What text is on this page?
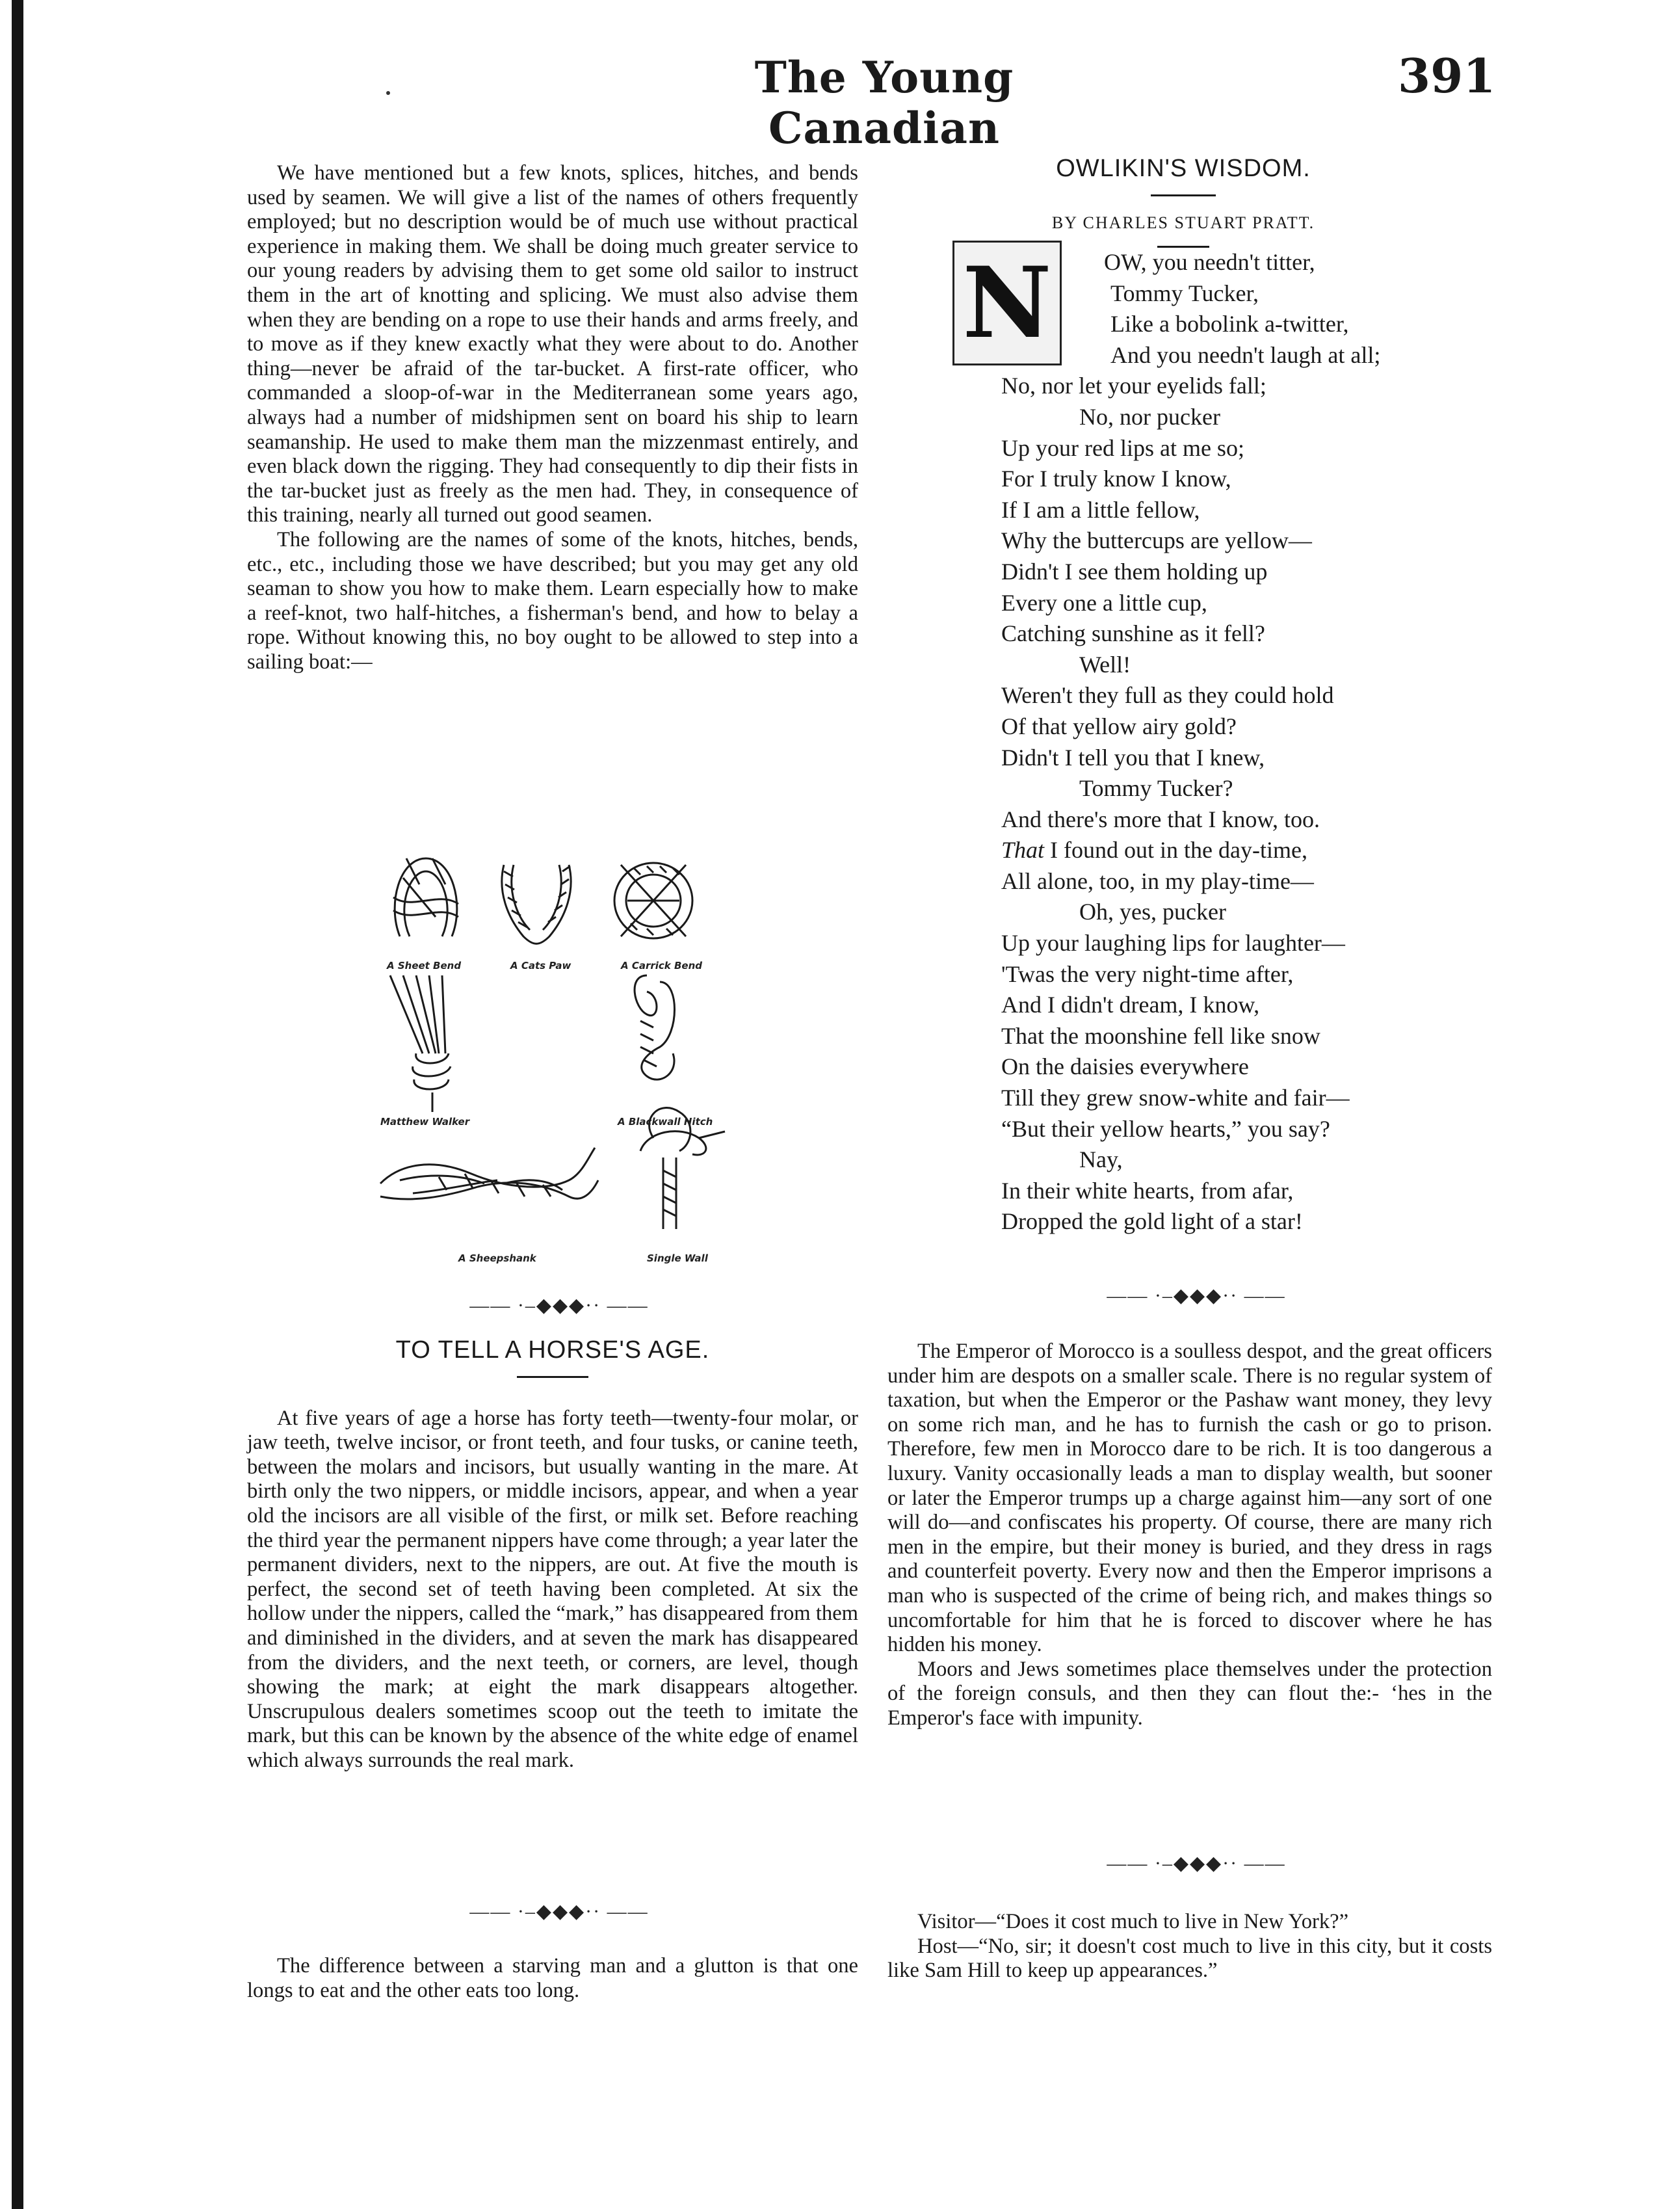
The Young Canadian
391

We have mentioned but a few knots, splices, hitches, and bends used by seamen. We will give a list of the names of others frequently employed; but no description would be of much use without practical experience in making them. We shall be doing much greater service to our young readers by advising them to get some old sailor to instruct them in the art of knotting and splicing. We must also advise them when they are bending on a rope to use their hands and arms freely, and to move as if they knew exactly what they were about to do. Another thing—never be afraid of the tar-bucket. A first-rate officer, who commanded a sloop-of-war in the Mediterranean some years ago, always had a number of midshipmen sent on board his ship to learn seamanship. He used to make them man the mizzenmast entirely, and even black down the rigging. They had consequently to dip their fists in the tar-bucket just as freely as the men had. They, in consequence of this training, nearly all turned out good seamen.

The following are the names of some of the knots, hitches, bends, etc., etc., including those we have described; but you may get any old seaman to show you how to make them. Learn especially how to make a reef-knot, two half-hitches, a fisherman's bend, and how to belay a rope. Without knowing this, no boy ought to be allowed to step into a sailing boat:—

A Sheet Bend	A Cats Paw	A Carrick Bend
Matthew Walker	A Blackwall Hitch
A Sheepshank	Single Wall
—— ·–◆◆◆·· ——

TO TELL A HORSE'S AGE.

At five years of age a horse has forty teeth—twenty-four molar, or jaw teeth, twelve incisor, or front teeth, and four tusks, or canine teeth, between the molars and incisors, but usually wanting in the mare. At birth only the two nippers, or middle incisors, appear, and when a year old the incisors are all visible of the first, or milk set. Before reaching the third year the permanent nippers have come through; a year later the permanent dividers, next to the nippers, are out. At five the mouth is perfect, the second set of teeth having been completed. At six the hollow under the nippers, called the “mark,” has disappeared from them and diminished in the dividers, and at seven the mark has disappeared from the dividers, and the next teeth, or corners, are level, though showing the mark; at eight the mark disappears altogether. Unscrupulous dealers sometimes scoop out the teeth to imitate the mark, but this can be known by the absence of the white edge of enamel which always surrounds the real mark.

—— ·–◆◆◆·· ——

The difference between a starving man and a glutton is that one longs to eat and the other eats too long.

OWLIKIN'S WISDOM.

BY CHARLES STUART PRATT.

N	OW, you needn't titter,
Tommy Tucker,
Like a bobolink a-twitter,
And you needn't laugh at all;
No, nor let your eyelids fall;
No, nor pucker
Up your red lips at me so;
For I truly know I know,
If I am a little fellow,
Why the buttercups are yellow—
Didn't I see them holding up
Every one a little cup,
Catching sunshine as it fell?
Well!
Weren't they full as they could hold
Of that yellow airy gold?
Didn't I tell you that I knew,
Tommy Tucker?
And there's more that I know, too.
That I found out in the day-time,
All alone, too, in my play-time—
Oh, yes, pucker
Up your laughing lips for laughter—
'Twas the very night-time after,
And I didn't dream, I know,
That the moonshine fell like snow
On the daisies everywhere
Till they grew snow-white and fair—
“But their yellow hearts,” you say?
Nay,
In their white hearts, from afar,
Dropped the gold light of a star!
—— ·–◆◆◆·· ——

The Emperor of Morocco is a soulless despot, and the great officers under him are despots on a smaller scale. There is no regular system of taxation, but when the Emperor or the Pashaw want money, they levy on some rich man, and he has to furnish the cash or go to prison. Therefore, few men in Morocco dare to be rich. It is too dangerous a luxury. Vanity occasionally leads a man to display wealth, but sooner or later the Emperor trumps up a charge against him—any sort of one will do—and confiscates his property. Of course, there are many rich men in the empire, but their money is buried, and they dress in rags and counterfeit poverty. Every now and then the Emperor imprisons a man who is suspected of the crime of being rich, and makes things so uncomfortable for him that he is forced to discover where he has hidden his money.

Moors and Jews sometimes place themselves under the protection of the foreign consuls, and then they can flout the:- ‘hes in the Emperor's face with impunity.

—— ·–◆◆◆·· ——

Visitor—“Does it cost much to live in New York?”

Host—“No, sir; it doesn't cost much to live in this city, but it costs like Sam Hill to keep up appearances.”
